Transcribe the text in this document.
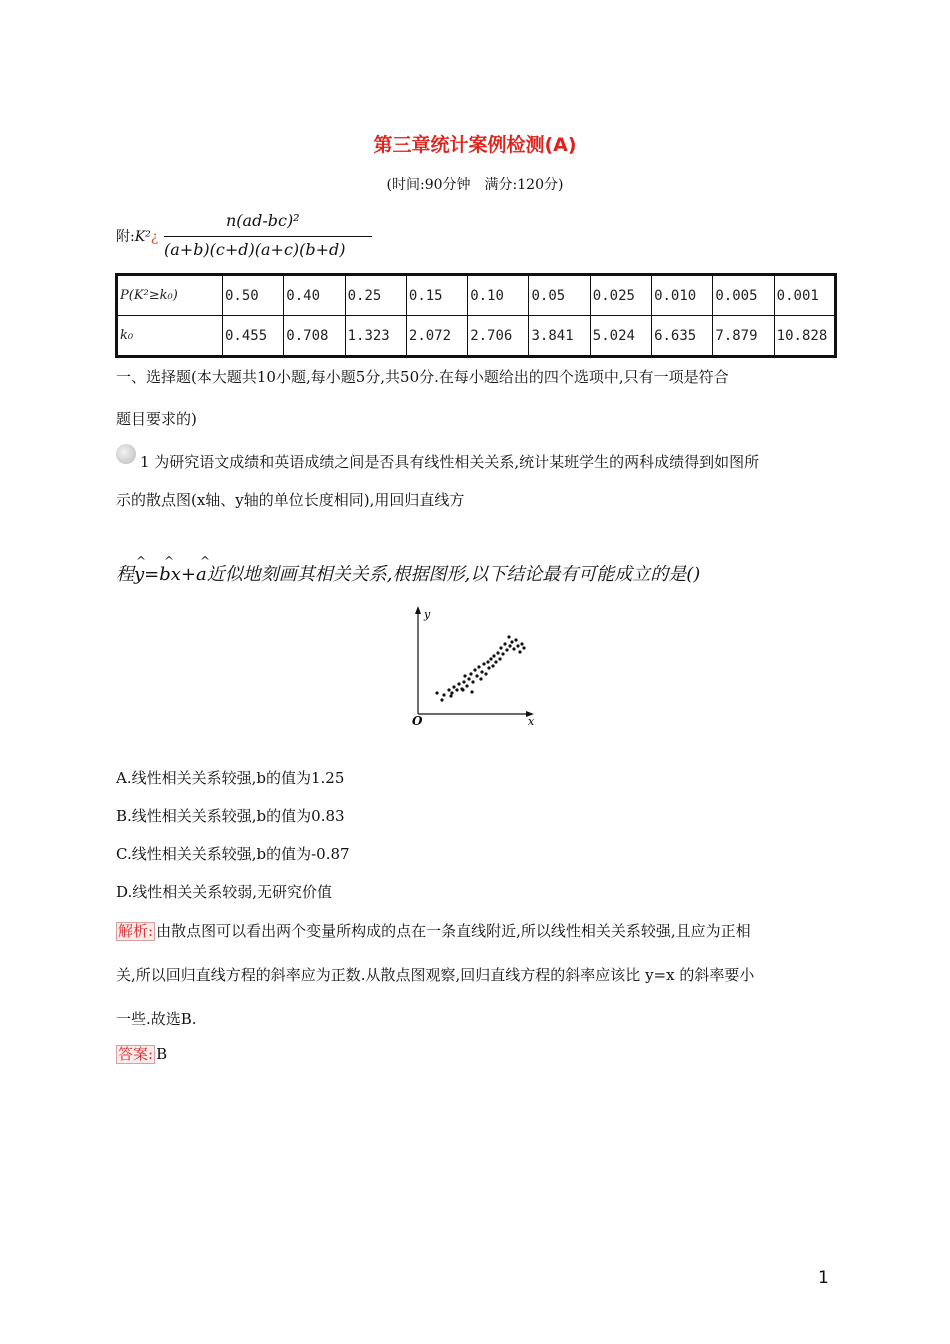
第三章统计案例检测(A)
(时间:90分钟　满分:120分)
附:K²¿
n(ad-bc)²
(a+b)(c+d)(a+c)(b+d)
P(K²≥k₀)	0.50	0.40	0.25	0.15	0.10	0.05	0.025	0.010	0.005	0.001
k₀	0.455	0.708	1.323	2.072	2.706	3.841	5.024	6.635	7.879	10.828
一、选择题(本大题共10小题,每小题5分,共50分.在每小题给出的四个选项中,只有一项是符合
题目要求的)
1 为研究语文成绩和英语成绩之间是否具有线性相关关系,统计某班学生的两科成绩得到如图所
示的散点图(x轴、y轴的单位长度相同),用回归直线方
程
^ ^ ^
y=bx+a近似地刻画其相关关系,根据图形,以下结论最有可能成立的是()
y
O	x
A.线性相关关系较强,b的值为1.25
B.线性相关关系较强,b的值为0.83
C.线性相关关系较强,b的值为-0.87
D.线性相关关系较弱,无研究价值
解析: 由散点图可以看出两个变量所构成的点在一条直线附近,所以线性相关关系较强,且应为正相
关,所以回归直线方程的斜率应为正数.从散点图观察,回归直线方程的斜率应该比 y=x 的斜率要小
一些.故选B.
答案: B
1
